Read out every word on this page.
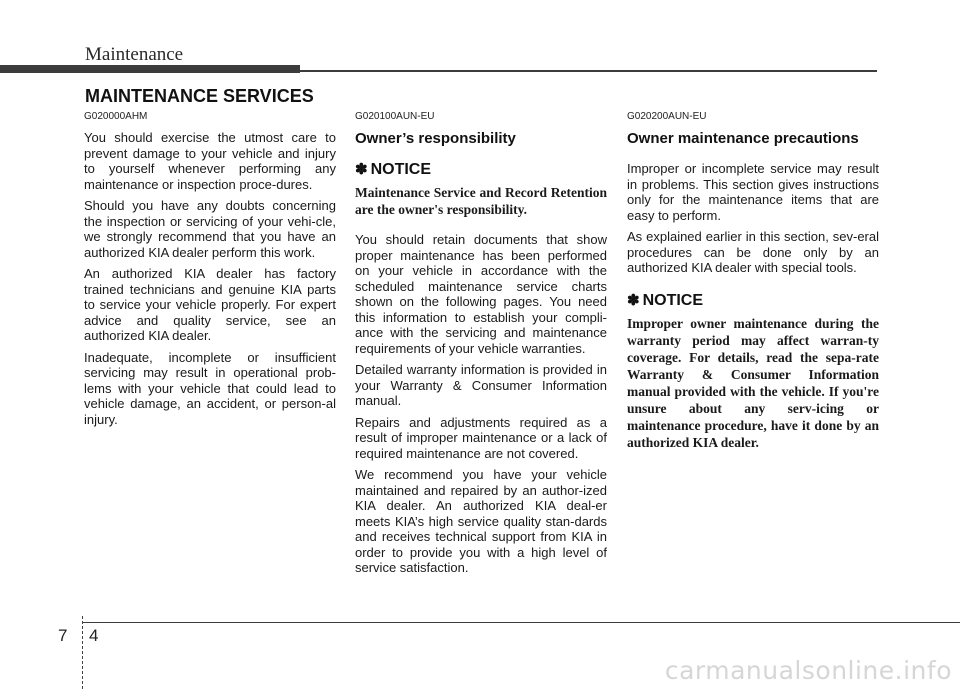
Maintenance
MAINTENANCE SERVICES
G020000AHM

You should exercise the utmost care to prevent damage to your vehicle and injury to yourself whenever performing any maintenance or inspection proce-dures.

Should you have any doubts concerning the inspection or servicing of your vehi-cle, we strongly recommend that you have an authorized KIA dealer perform this work.

An authorized KIA dealer has factory trained technicians and genuine KIA parts to service your vehicle properly. For expert advice and quality service, see an authorized KIA dealer.

Inadequate, incomplete or insufficient servicing may result in operational prob-lems with your vehicle that could lead to vehicle damage, an accident, or person-al injury.

G020100AUN-EU
Owner’s responsibility
✽ NOTICE
Maintenance Service and Record Retention are the owner's responsibility.

You should retain documents that show proper maintenance has been performed on your vehicle in accordance with the scheduled maintenance service charts shown on the following pages. You need this information to establish your compli-ance with the servicing and maintenance requirements of your vehicle warranties.

Detailed warranty information is provided in your Warranty & Consumer Information manual.

Repairs and adjustments required as a result of improper maintenance or a lack of required maintenance are not covered.

We recommend you have your vehicle maintained and repaired by an author-ized KIA dealer. An authorized KIA deal-er meets KIA’s high service quality stan-dards and receives technical support from KIA in order to provide you with a high level of service satisfaction.

G020200AUN-EU
Owner maintenance precautions

Improper or incomplete service may result in problems. This section gives instructions only for the maintenance items that are easy to perform.

As explained earlier in this section, sev-eral procedures can be done only by an authorized KIA dealer with special tools.

✽ NOTICE
Improper owner maintenance during the warranty period may affect warran-ty coverage. For details, read the sepa-rate Warranty & Consumer Information manual provided with the vehicle. If you're unsure about any serv-icing or maintenance procedure, have it done by an authorized KIA dealer.
7 4
carmanualsonline.info
